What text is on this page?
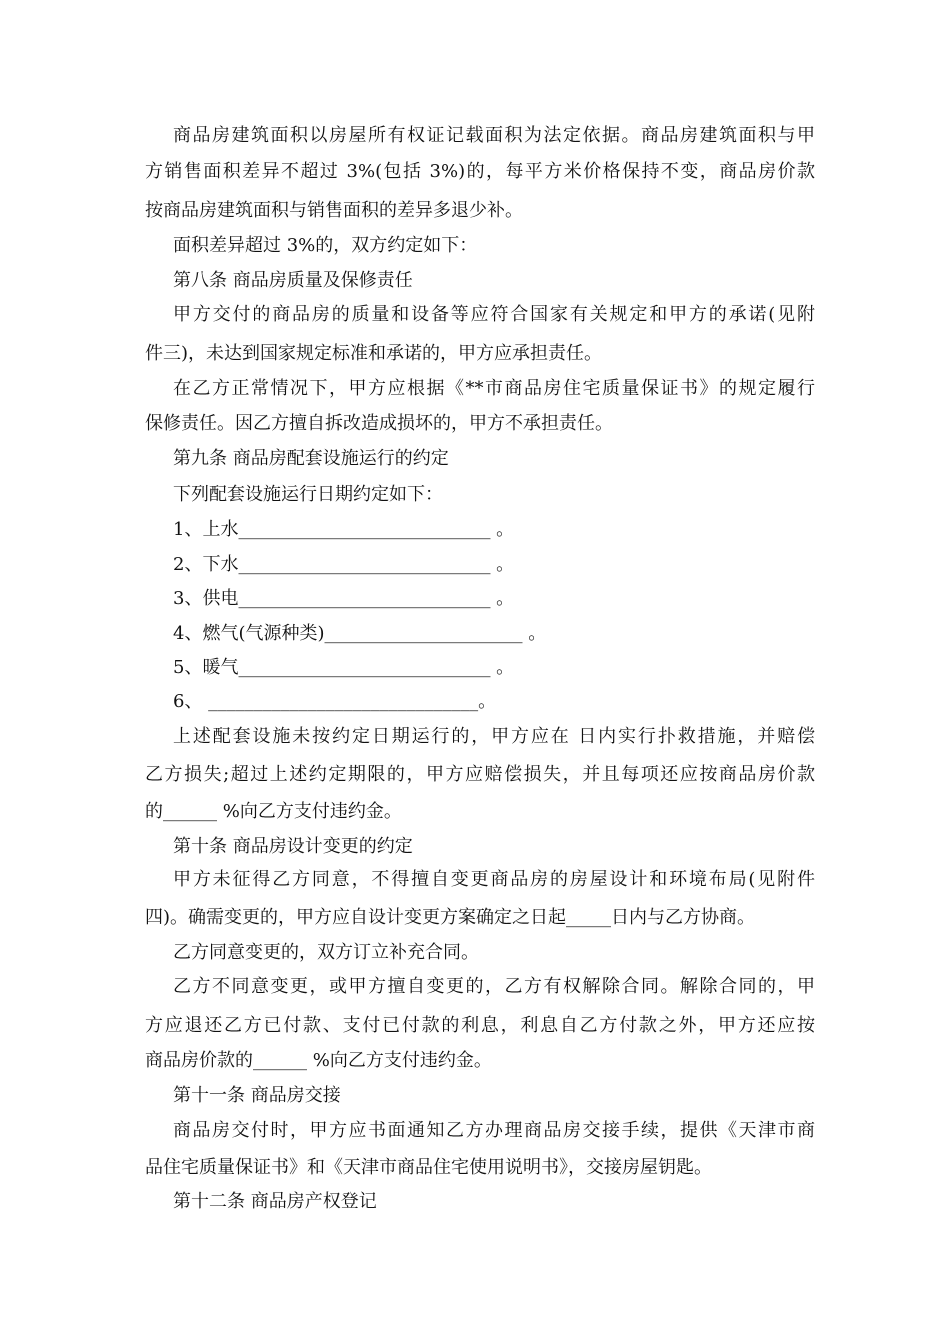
商品房建筑面积以房屋所有权证记载面积为法定依据。商品房建筑面积与甲
方销售面积差异不超过 3%(包括 3%)的，每平方米价格保持不变，商品房价款
按商品房建筑面积与销售面积的差异多退少补。
面积差异超过 3%的，双方约定如下：
第八条 商品房质量及保修责任
甲方交付的商品房的质量和设备等应符合国家有关规定和甲方的承诺(见附
件三)，未达到国家规定标准和承诺的，甲方应承担责任。
在乙方正常情况下，甲方应根据《**市商品房住宅质量保证书》的规定履行
保修责任。因乙方擅自拆改造成损坏的，甲方不承担责任。
第九条 商品房配套设施运行的约定
下列配套设施运行日期约定如下：
1、上水____________________________ 。
2、下水____________________________ 。
3、供电____________________________ 。
4、燃气(气源种类)______________________ 。
5、暖气____________________________ 。
6、 ______________________________。
上述配套设施未按约定日期运行的，甲方应在 日内实行扑救措施，并赔偿
乙方损失;超过上述约定期限的，甲方应赔偿损失，并且每项还应按商品房价款
的______ %向乙方支付违约金。
第十条 商品房设计变更的约定
甲方未征得乙方同意，不得擅自变更商品房的房屋设计和环境布局(见附件
四)。确需变更的，甲方应自设计变更方案确定之日起_____日内与乙方协商。
乙方同意变更的，双方订立补充合同。
乙方不同意变更，或甲方擅自变更的，乙方有权解除合同。解除合同的，甲
方应退还乙方已付款、支付已付款的利息，利息自乙方付款之外，甲方还应按
商品房价款的______ %向乙方支付违约金。
第十一条 商品房交接
商品房交付时，甲方应书面通知乙方办理商品房交接手续，提供《天津市商
品住宅质量保证书》和《天津市商品住宅使用说明书》，交接房屋钥匙。
第十二条 商品房产权登记
